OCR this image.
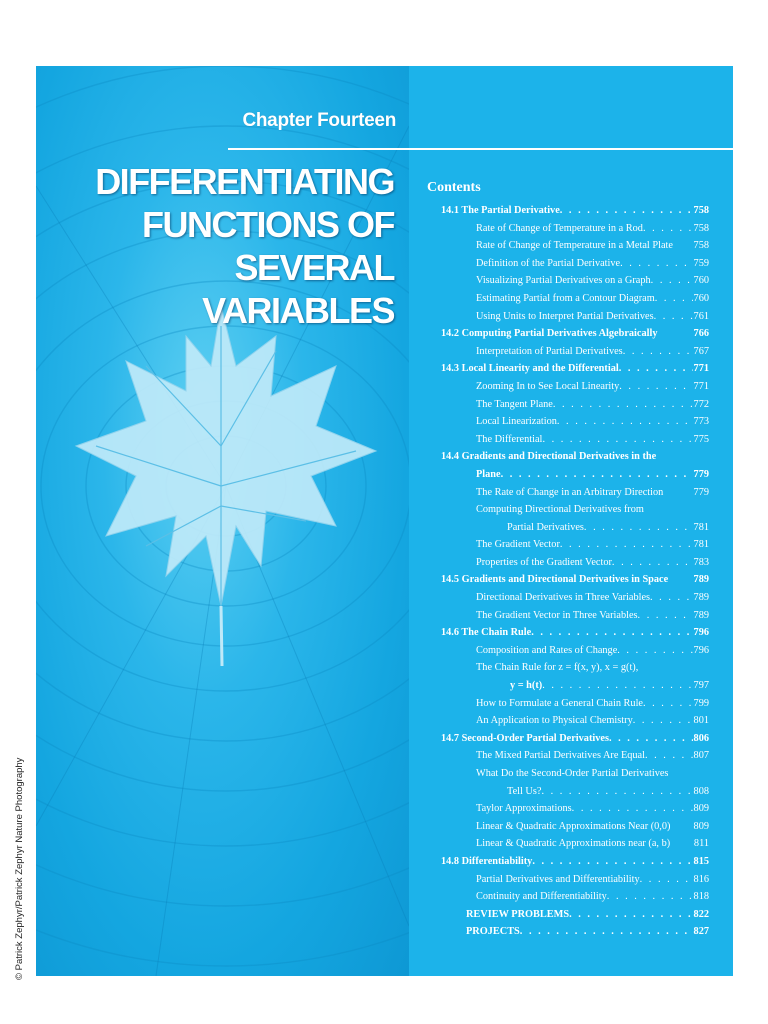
Chapter Fourteen
DIFFERENTIATING
FUNCTIONS OF
SEVERAL VARIABLES
© Patrick Zephyr/Patrick Zephyr Nature Photography
Contents
14.1 The Partial Derivative . . .	758
Rate of Change of Temperature in a Rod . . .	758
Rate of Change of Temperature in a Metal Plate 758
Definition of the Partial Derivative . . .	759
Visualizing Partial Derivatives on a Graph . . .	760
Estimating Partial from a Contour Diagram . . .	760
Using Units to Interpret Partial Derivatives . . .	761
14.2 Computing Partial Derivatives Algebraically	766
Interpretation of Partial Derivatives . . .	767
14.3 Local Linearity and the Differential . . .	771
Zooming In to See Local Linearity . . .	771
The Tangent Plane . . .	772
Local Linearization . . .	773
The Differential . . .	775
14.4 Gradients and Directional Derivatives in the
Plane . . .	779
The Rate of Change in an Arbitrary Direction	779
Computing Directional Derivatives from
Partial Derivatives . . .	781
The Gradient Vector . . .	781
Properties of the Gradient Vector . . .	783
14.5 Gradients and Directional Derivatives in Space 789
Directional Derivatives in Three Variables . . .	789
The Gradient Vector in Three Variables . . .	789
14.6 The Chain Rule . . .	796
Composition and Rates of Change . . .	796
The Chain Rule for z = f(x, y), x = g(t),
y = h(t) . . .	797
How to Formulate a General Chain Rule . . .	799
An Application to Physical Chemistry . . .	801
14.7 Second-Order Partial Derivatives . . .	806
The Mixed Partial Derivatives Are Equal . . .	807
What Do the Second-Order Partial Derivatives
Tell Us? . . .	808
Taylor Approximations . . .	809
Linear & Quadratic Approximations Near (0,0) 809
Linear & Quadratic Approximations near (a, b) 811
14.8 Differentiability . . .	815
Partial Derivatives and Differentiability . . .	816
Continuity and Differentiability . . .	818
REVIEW PROBLEMS . . .	822
PROJECTS . . .	827
